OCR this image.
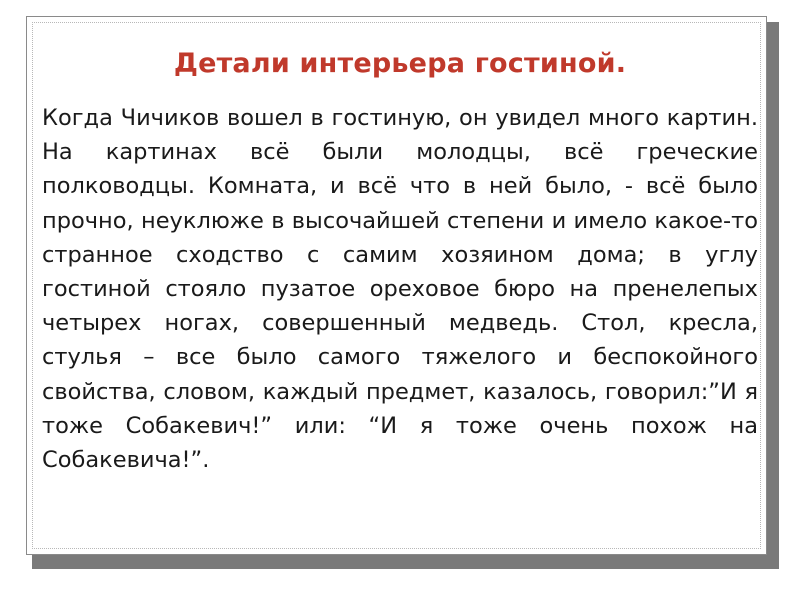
Детали интерьера гостиной.

Когда Чичиков вошел в гостиную, он увидел много картин. На картинах всё были молодцы, всё греческие полководцы. Комната, и всё что в ней было, - всё было прочно, неуклюже в высочайшей степени и имело какое-то странное сходство с самим хозяином дома; в углу гостиной стояло пузатое ореховое бюро на пренелепых четырех ногах, совершенный медведь. Стол, кресла, стулья – все было самого тяжелого и беспокойного свойства, словом, каждый предмет, казалось, говорил:”И я тоже Собакевич!” или: “И я тоже очень похож на Собакевича!”.
